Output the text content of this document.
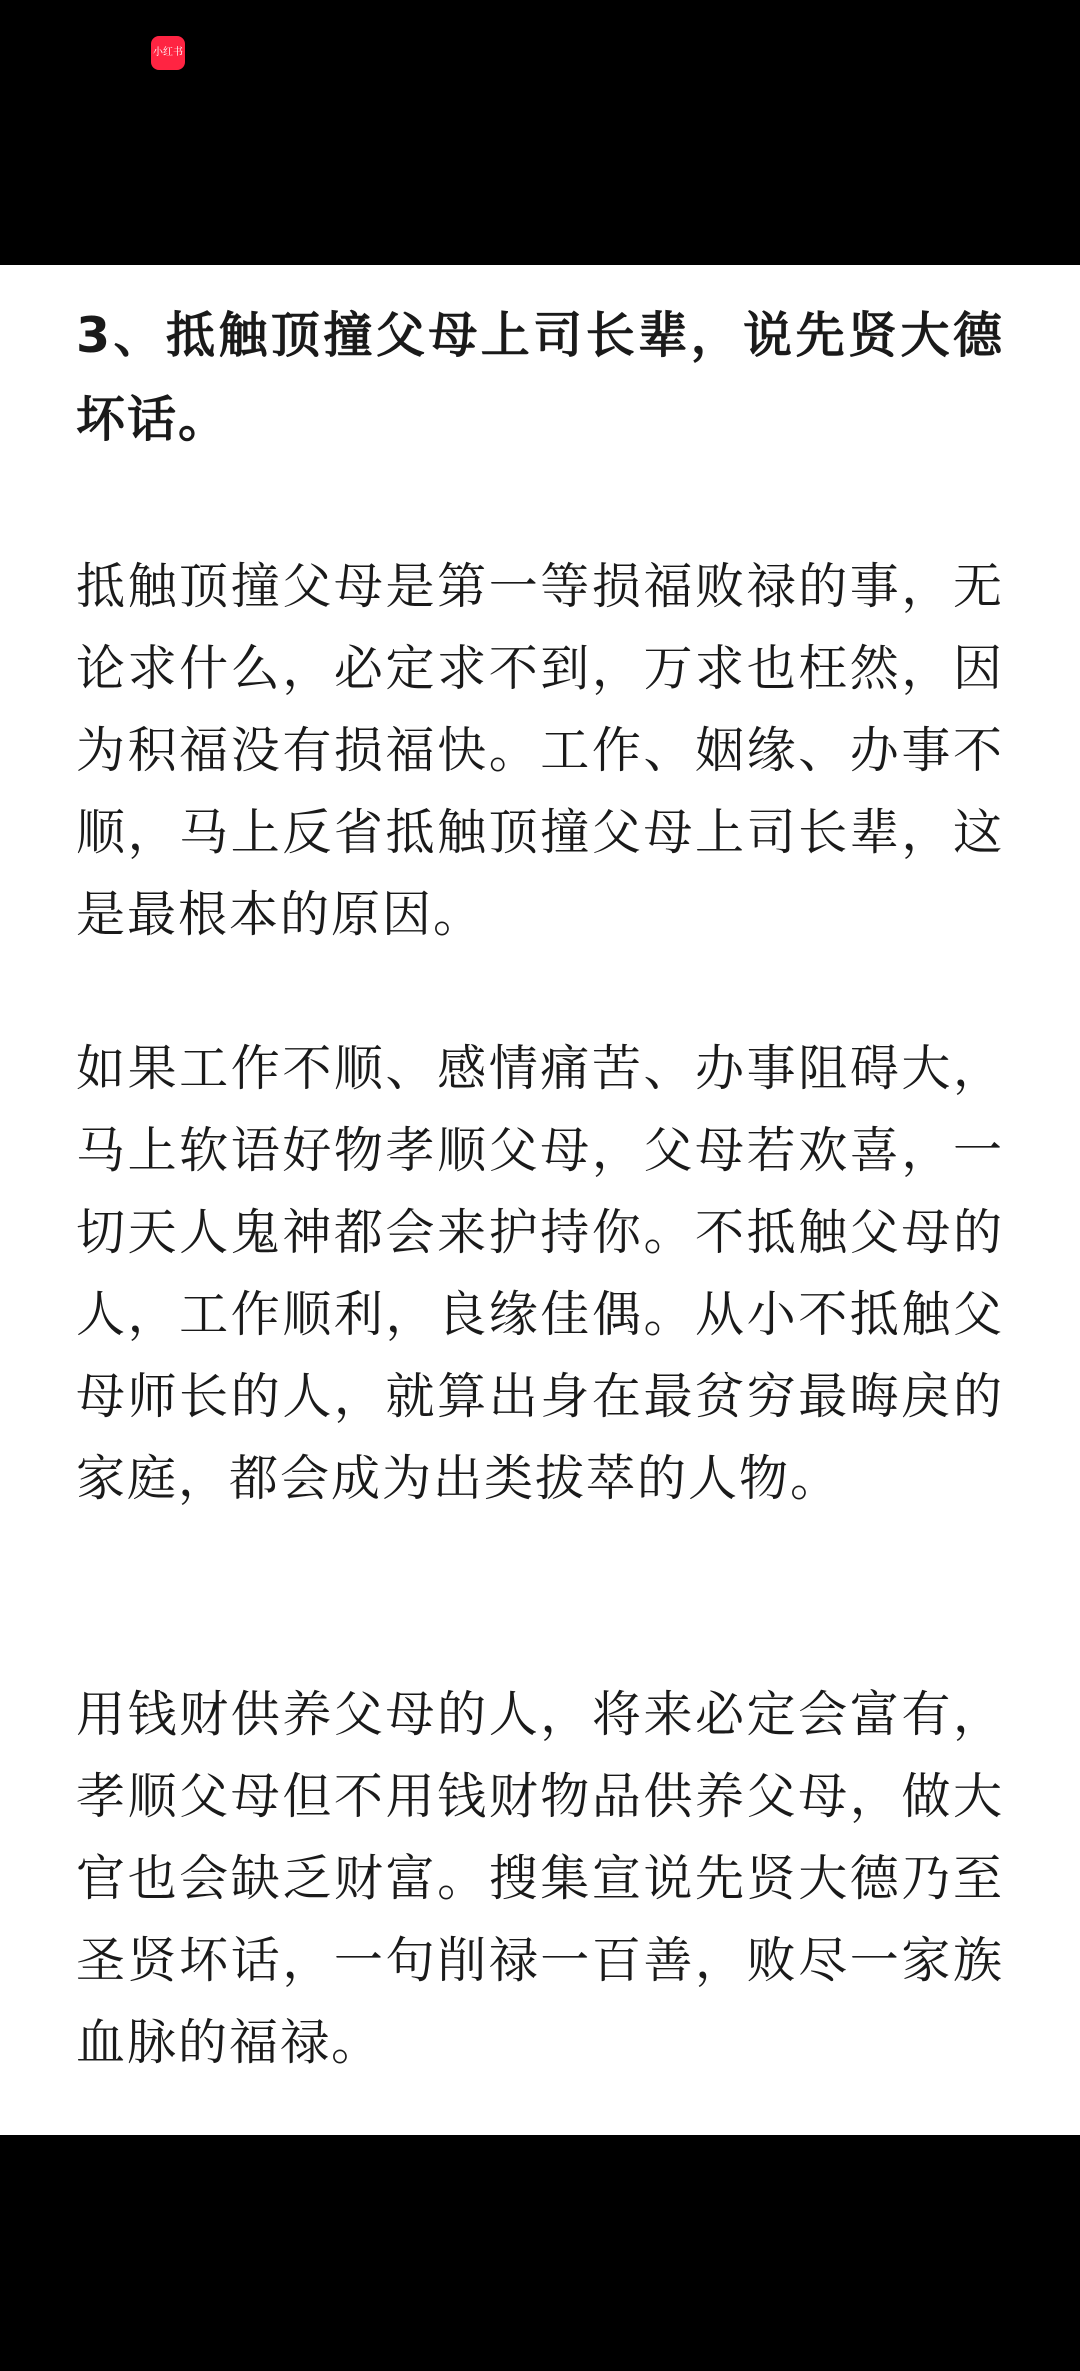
小红书
3、抵触顶撞父母上司长辈，说先贤大德坏话。
抵触顶撞父母是第一等损福败禄的事，无论求什么，必定求不到，万求也枉然，因为积福没有损福快。工作、姻缘、办事不顺，马上反省抵触顶撞父母上司长辈，这是最根本的原因。
如果工作不顺、感情痛苦、办事阻碍大，马上软语好物孝顺父母，父母若欢喜，一切天人鬼神都会来护持你。不抵触父母的人，工作顺利，良缘佳偶。从小不抵触父母师长的人，就算出身在最贫穷最晦戾的家庭，都会成为出类拔萃的人物。
用钱财供养父母的人，将来必定会富有，孝顺父母但不用钱财物品供养父母，做大官也会缺乏财富。搜集宣说先贤大德乃至圣贤坏话，一句削禄一百善，败尽一家族血脉的福禄。
